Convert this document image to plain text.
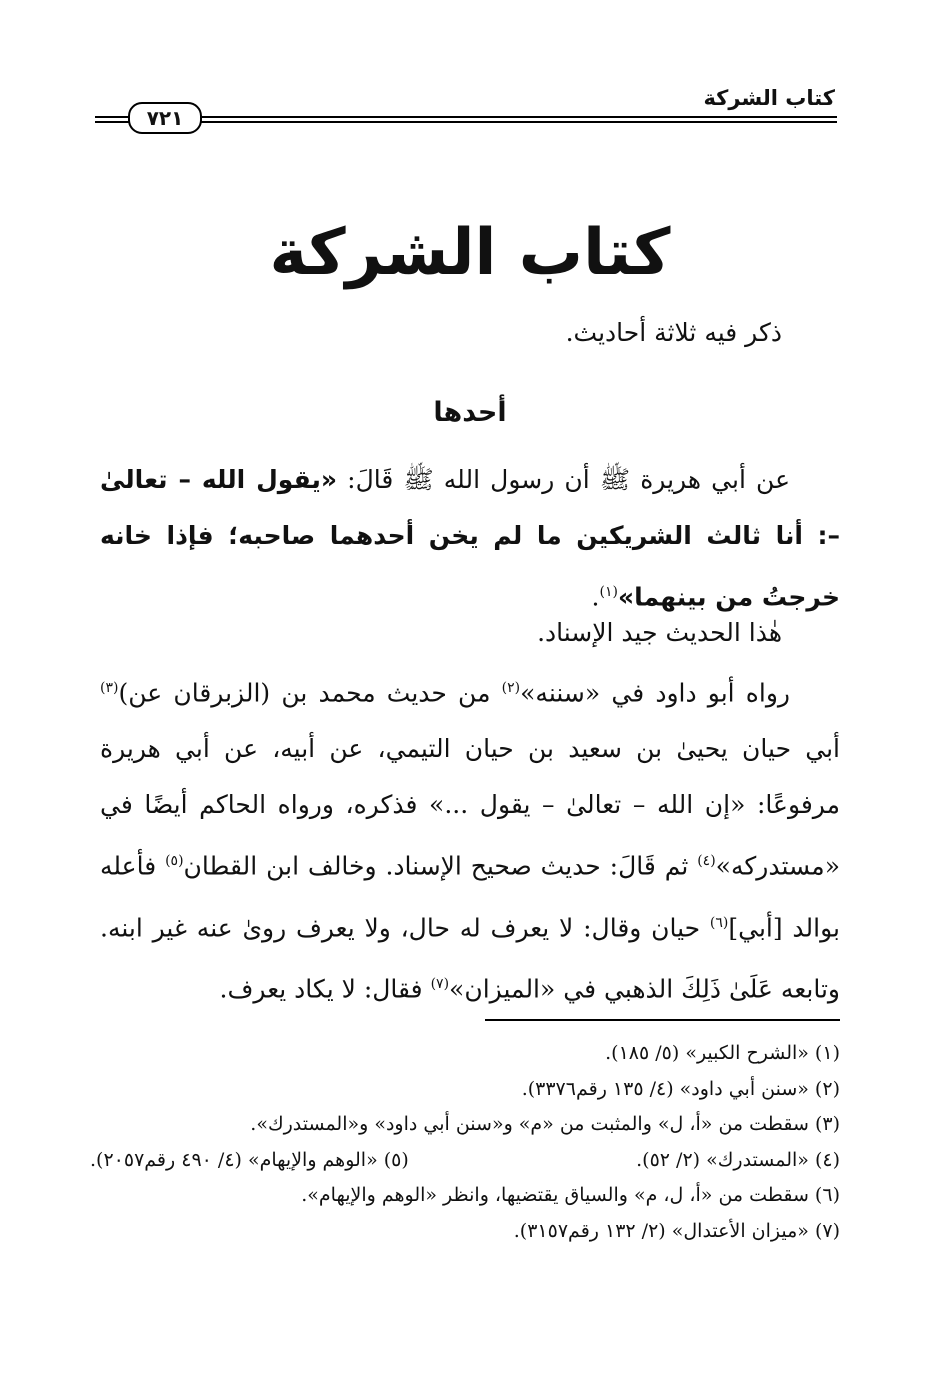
كتاب الشركة
٧٢١
كتاب الشركة
ذكر فيه ثلاثة أحاديث.
أحدها
عن أبي هريرة ﷺ أن رسول الله ﷺ قَالَ: «يقول الله – تعالىٰ –: أنا ثالث الشريكين ما لم يخن أحدهما صاحبه؛ فإذا خانه خرجتُ من بينهما»$^{(١)}$.
هٰذا الحديث جيد الإسناد.
رواه أبو داود في «سننه»$^{(٢)}$ من حديث محمد بن (الزبرقان عن)$^{(٣)}$ أبي حيان يحيىٰ بن سعيد بن حيان التيمي، عن أبيه، عن أبي هريرة مرفوعًا: «إن الله – تعالىٰ – يقول ...» فذكره، ورواه الحاكم أيضًا في «مستدركه»$^{(٤)}$ ثم قَالَ: حديث صحيح الإسناد. وخالف ابن القطان$^{(٥)}$ فأعله بوالد [أبي]$^{(٦)}$ حيان وقال: لا يعرف له حال، ولا يعرف روىٰ عنه غير ابنه. وتابعه عَلَىٰ ذَلِكَ الذهبي في «الميزان»$^{(٧)}$ فقال: لا يكاد يعرف.
(١) «الشرح الكبير» (٥/ ١٨٥).
(٢) «سنن أبي داود» (٤/ ١٣٥ رقم٣٣٧٦).
(٣) سقطت من «أ، ل» والمثبت من «م» و«سنن أبي داود» و«المستدرك».
(٤) «المستدرك» (٢/ ٥٢).
(٥) «الوهم والإيهام» (٤/ ٤٩٠ رقم٢٠٥٧).
(٦) سقطت من «أ، ل، م» والسياق يقتضيها، وانظر «الوهم والإيهام».
(٧) «ميزان الأعتدال» (٢/ ١٣٢ رقم٣١٥٧).
